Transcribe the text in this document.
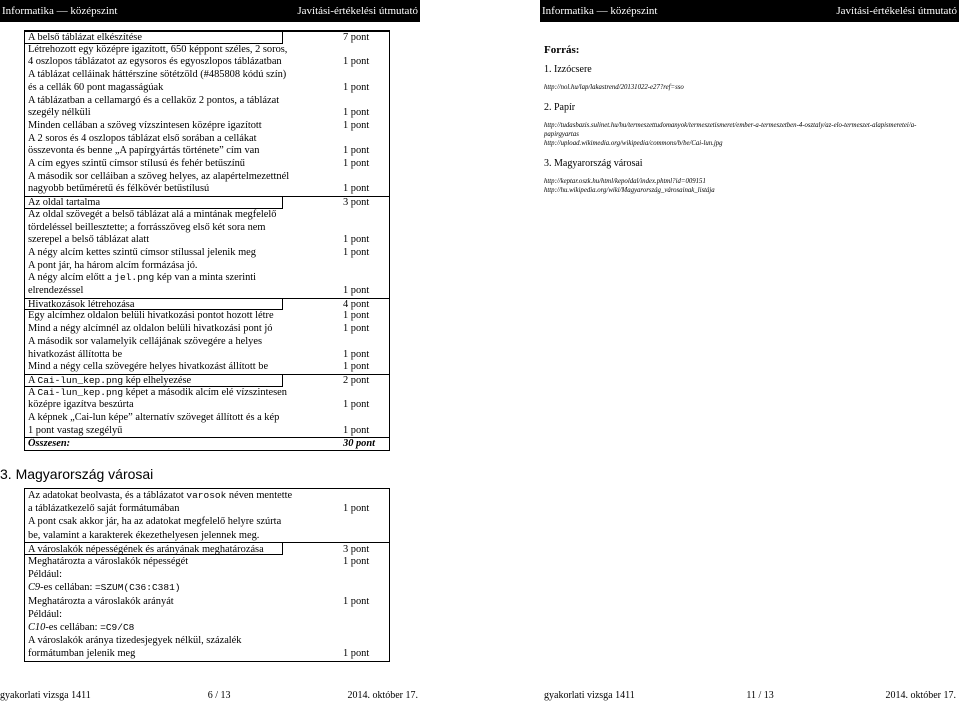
Informatika — középszint	Javítási-értékelési útmutató	Informatika — középszint	Javítási-értékelési útmutató
A belső táblázat elkészítése	7 pont
Létrehozott egy középre igazított, 650 képpont széles, 2 soros,
4 oszlopos táblázatot az egysoros és egyoszlopos táblázatban	1 pont
A táblázat celláinak háttérszíne sötétzöld (#485808 kódú szín)
és a cellák 60 pont magasságúak	1 pont
A táblázatban a cellamargó és a cellaköz 2 pontos, a táblázat
szegély nélküli	1 pont
Minden cellában a szöveg vízszintesen középre igazított	1 pont
A 2 soros és 4 oszlopos táblázat első sorában a cellákat
összevonta és benne „A papírgyártás története” cím van	1 pont
A cím egyes szintű címsor stílusú és fehér betűszínű	1 pont
A második sor celláiban a szöveg helyes, az alapértelmezettnél
nagyobb betűméretű és félkövér betűstílusú	1 pont
Az oldal tartalma	3 pont
Az oldal szövegét a belső táblázat alá a mintának megfelelő
tördeléssel beillesztette; a forrásszöveg első két sora nem
szerepel a belső táblázat alatt	1 pont
A négy alcím kettes szintű címsor stílussal jelenik meg	1 pont
A pont jár, ha három alcím formázása jó.
A négy alcím előtt a jel.png kép van a minta szerinti
elrendezéssel	1 pont
Hivatkozások létrehozása	4 pont
Egy alcímhez oldalon belüli hivatkozási pontot hozott létre	1 pont
Mind a négy alcímnél az oldalon belüli hivatkozási pont jó	1 pont
A második sor valamelyik cellájának szövegére a helyes
hivatkozást állította be	1 pont
Mind a négy cella szövegére helyes hivatkozást állított be	1 pont
A Cai-lun_kep.png kép elhelyezése	2 pont
A Cai-lun_kep.png képet a második alcím elé vízszintesen
középre igazítva beszúrta	1 pont
A képnek „Cai-lun képe” alternatív szöveget állított és a kép
1 pont vastag szegélyű	1 pont
Összesen:	30 pont
3. Magyarország városai
Az adatokat beolvasta, és a táblázatot varosok néven mentette
a táblázatkezelő saját formátumában	1 pont
A pont csak akkor jár, ha az adatokat megfelelő helyre szúrta
be, valamint a karakterek ékezethelyesen jelennek meg.
A városlakók népességének és arányának meghatározása	3 pont
Meghatározta a városlakók népességét	1 pont
Például:
C9-es cellában: =SZUM(C36:C381)
Meghatározta a városlakók arányát	1 pont
Például:
C10-es cellában: =C9/C8
A városlakók aránya tizedesjegyek nélkül, százalék
formátumban jelenik meg	1 pont
Forrás:
1. Izzócsere
http://nol.hu/lap/lakastrend/20131022-e27?ref=sso
2. Papír
http://tudasbazis.sulinet.hu/hu/termeszettudomanyok/termeszetismeret/ember-a-termeszetben-4-osztaly/az-elo-termeszet-alapismeretei/a-
papirgyartas
http://upload.wikimedia.org/wikipedia/commons/b/be/Cai-lun.jpg
3. Magyarország városai
http://keptar.oszk.hu/html/kepoldal/index.phtml?id=009151
http://hu.wikipedia.org/wiki/Magyarország_városainak_listája
gyakorlati vizsga 1411	6 / 13	2014. október 17.	gyakorlati vizsga 1411	11 / 13	2014. október 17.
